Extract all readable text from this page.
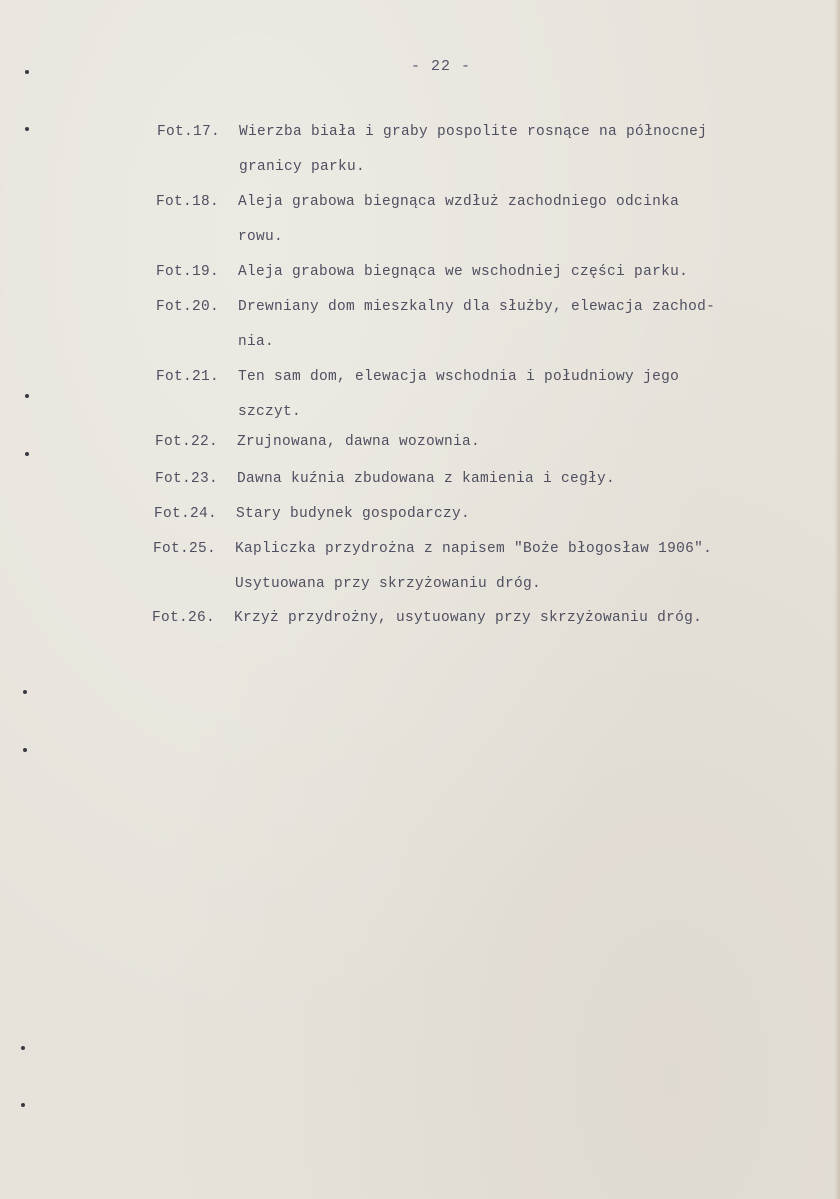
- 22 -
Fot.17. Wierzba biała i graby pospolite rosnące na północnej
granicy parku.
Fot.18. Aleja grabowa biegnąca wzdłuż zachodniego odcinka
rowu.
Fot.19. Aleja grabowa biegnąca we wschodniej części parku.
Fot.20. Drewniany dom mieszkalny dla służby, elewacja zachod-
nia.
Fot.21. Ten sam dom, elewacja wschodnia i południowy jego
szczyt.
Fot.22. Zrujnowana, dawna wozownia.
Fot.23. Dawna kuźnia zbudowana z kamienia i cegły.
Fot.24. Stary budynek gospodarczy.
Fot.25. Kapliczka przydrożna z napisem "Boże błogosław 1906".
Usytuowana przy skrzyżowaniu dróg.
Fot.26. Krzyż przydrożny, usytuowany przy skrzyżowaniu dróg.
